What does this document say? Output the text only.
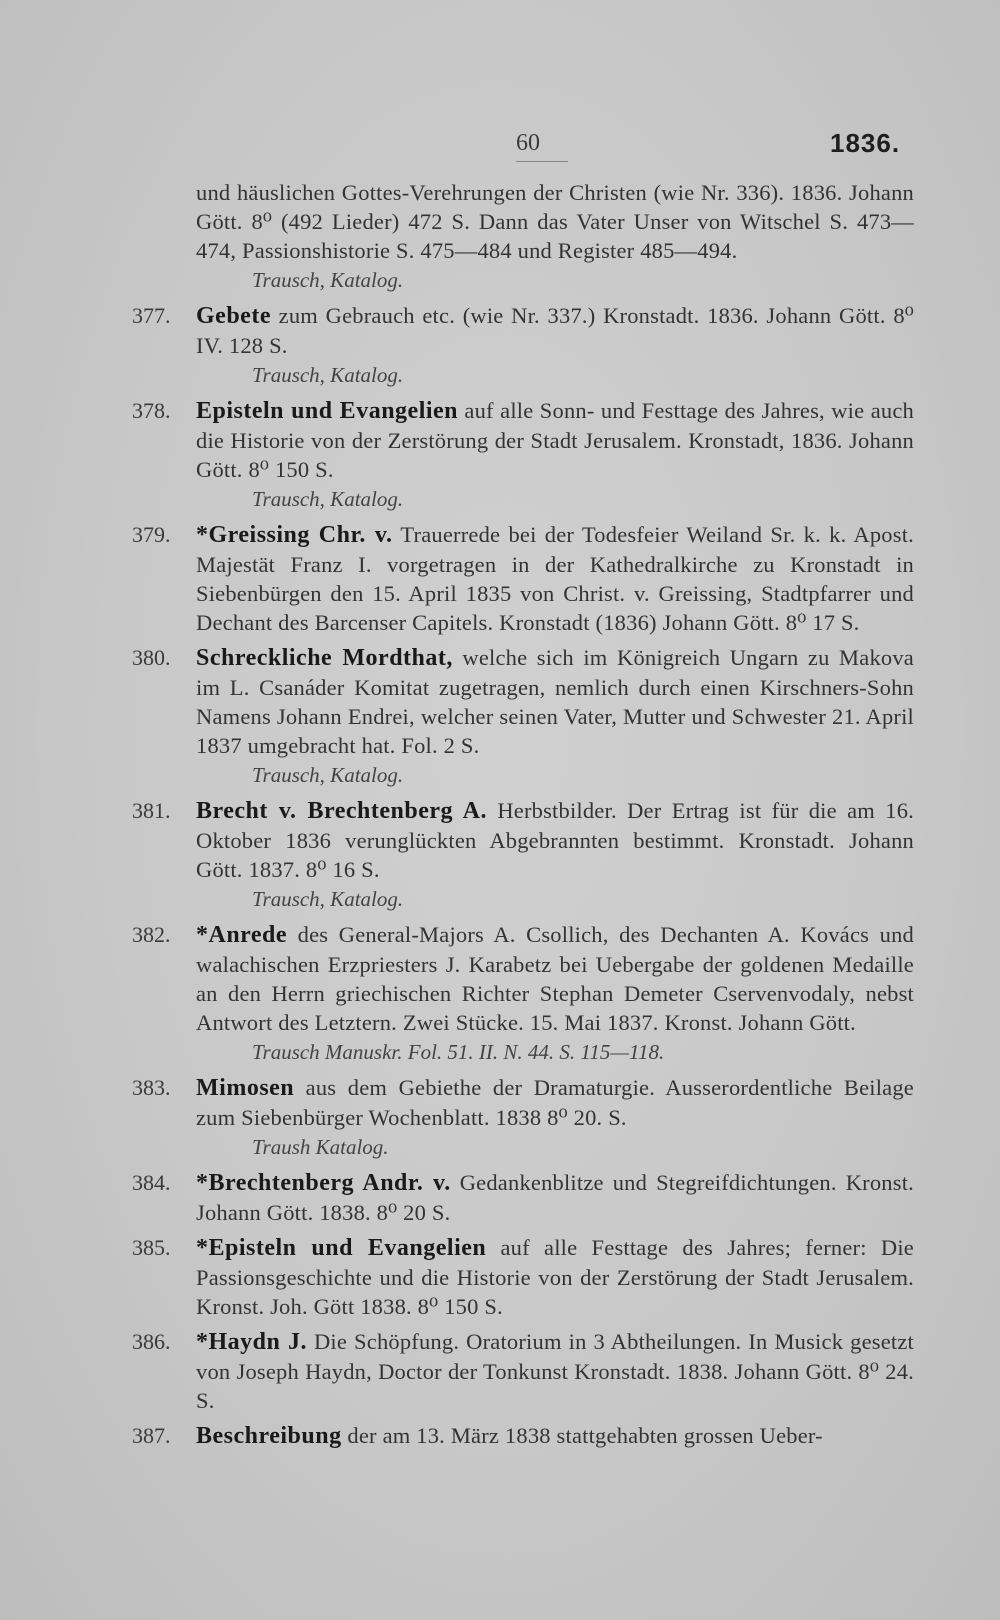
60	1836.
und häuslichen Gottes-Verehrungen der Christen (wie Nr. 336). 1836. Johann Gött. 8⁰ (492 Lieder) 472 S. Dann das Vater Unser von Witschel S. 473—474, Passionshistorie S. 475—484 und Register 485—494.
Trausch, Katalog.
377. Gebete zum Gebrauch etc. (wie Nr. 337.) Kronstadt. 1836. Johann Gött. 8⁰ IV. 128 S.
Trausch, Katalog.
378. Episteln und Evangelien auf alle Sonn- und Festtage des Jahres, wie auch die Historie von der Zerstörung der Stadt Jerusalem. Kronstadt, 1836. Johann Gött. 8⁰ 150 S.
Trausch, Katalog.
379. *Greissing Chr. v. Trauerrede bei der Todesfeier Weiland Sr. k. k. Apost. Majestät Franz I. vorgetragen in der Kathedralkirche zu Kronstadt in Siebenbürgen den 15. April 1835 von Christ. v. Greissing, Stadtpfarrer und Dechant des Barcenser Capitels. Kronstadt (1836) Johann Gött. 8⁰ 17 S.
380. Schreckliche Mordthat, welche sich im Königreich Ungarn zu Makova im L. Csanáder Komitat zugetragen, nemlich durch einen Kirschners-Sohn Namens Johann Endrei, welcher seinen Vater, Mutter und Schwester 21. April 1837 umgebracht hat. Fol. 2 S.
Trausch, Katalog.
381. Brecht v. Brechtenberg A. Herbstbilder. Der Ertrag ist für die am 16. Oktober 1836 verunglückten Abgebrannten bestimmt. Kronstadt. Johann Gött. 1837. 8⁰ 16 S.
Trausch, Katalog.
382. *Anrede des General-Majors A. Csollich, des Dechanten A. Kovács und walachischen Erzpriesters J. Karabetz bei Uebergabe der goldenen Medaille an den Herrn griechischen Richter Stephan Demeter Cservenvodaly, nebst Antwort des Letztern. Zwei Stücke. 15. Mai 1837. Kronst. Johann Gött.
Trausch Manuskr. Fol. 51. II. N. 44. S. 115—118.
383. Mimosen aus dem Gebiethe der Dramaturgie. Ausserordentliche Beilage zum Siebenbürger Wochenblatt. 1838 8⁰ 20. S.
Traush Katalog.
384. *Brechtenberg Andr. v. Gedankenblitze und Stegreifdichtungen. Kronst. Johann Gött. 1838. 8⁰ 20 S.
385. *Episteln und Evangelien auf alle Festtage des Jahres; ferner: Die Passionsgeschichte und die Historie von der Zerstörung der Stadt Jerusalem. Kronst. Joh. Gött 1838. 8⁰ 150 S.
386. *Haydn J. Die Schöpfung. Oratorium in 3 Abtheilungen. In Musick gesetzt von Joseph Haydn, Doctor der Tonkunst Kronstadt. 1838. Johann Gött. 8⁰ 24. S.
387. Beschreibung der am 13. März 1838 stattgehabten grossen Ueber-
